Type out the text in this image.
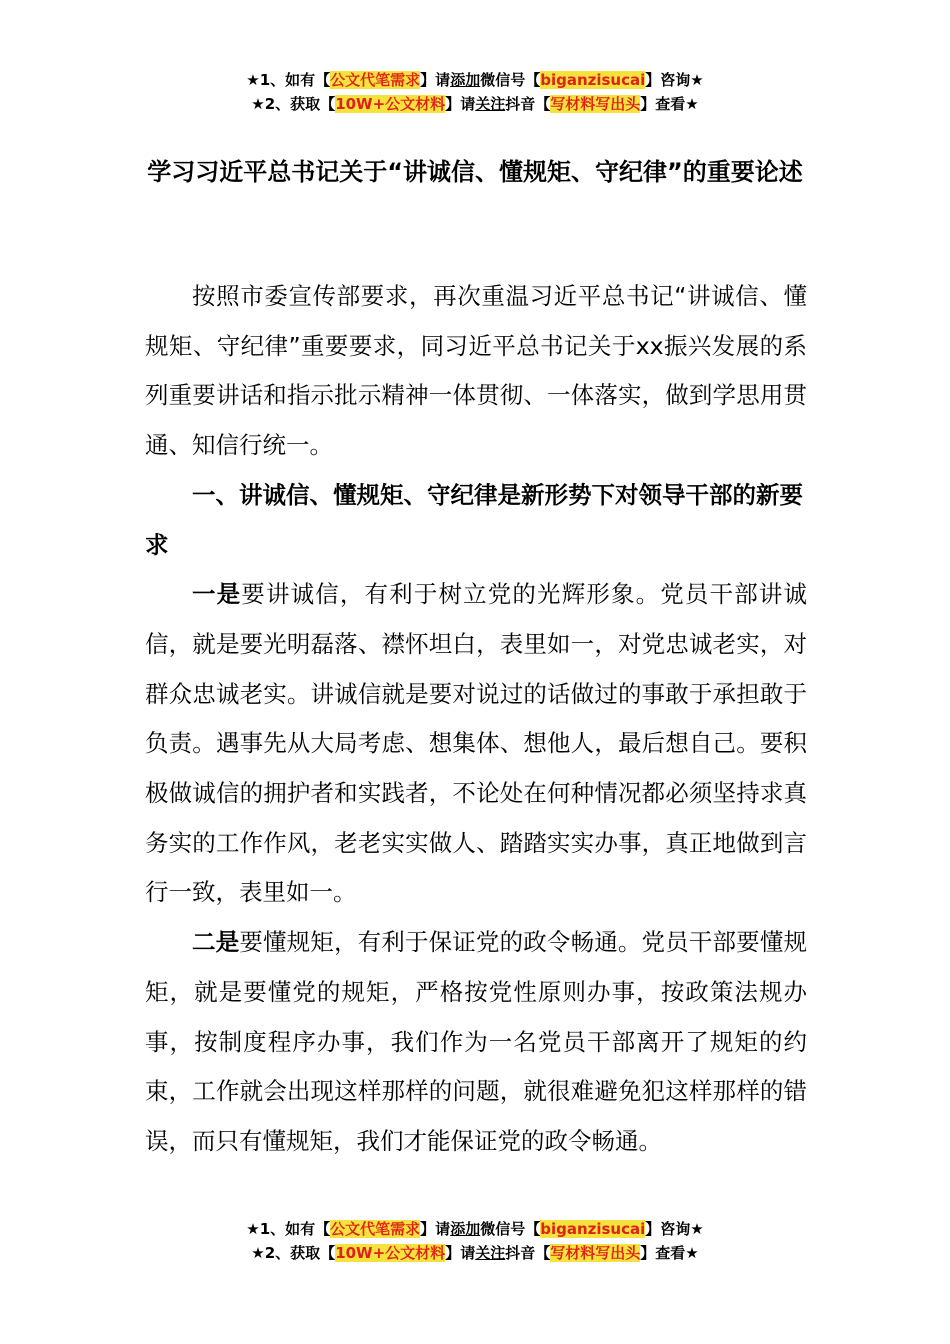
★1、如有【公文代笔需求】请添加微信号【biganzisucai】咨询★
★2、获取【10W+公文材料】请关注抖音【写材料写出头】查看★
学习习近平总书记关于“讲诚信、懂规矩、守纪律”的重要论述

按照市委宣传部要求，再次重温习近平总书记“讲诚信、懂规矩、守纪律”重要要求，同习近平总书记关于xx振兴发展的系列重要讲话和指示批示精神一体贯彻、一体落实，做到学思用贯通、知信行统一。

一、讲诚信、懂规矩、守纪律是新形势下对领导干部的新要求

一是要讲诚信，有利于树立党的光辉形象。党员干部讲诚信，就是要光明磊落、襟怀坦白，表里如一，对党忠诚老实，对群众忠诚老实。讲诚信就是要对说过的话做过的事敢于承担敢于负责。遇事先从大局考虑、想集体、想他人，最后想自己。要积极做诚信的拥护者和实践者，不论处在何种情况都必须坚持求真务实的工作作风，老老实实做人、踏踏实实办事，真正地做到言行一致，表里如一。

二是要懂规矩，有利于保证党的政令畅通。党员干部要懂规矩，就是要懂党的规矩，严格按党性原则办事，按政策法规办事，按制度程序办事，我们作为一名党员干部离开了规矩的约束，工作就会出现这样那样的问题，就很难避免犯这样那样的错误，而只有懂规矩，我们才能保证党的政令畅通。

★1、如有【公文代笔需求】请添加微信号【biganzisucai】咨询★
★2、获取【10W+公文材料】请关注抖音【写材料写出头】查看★
